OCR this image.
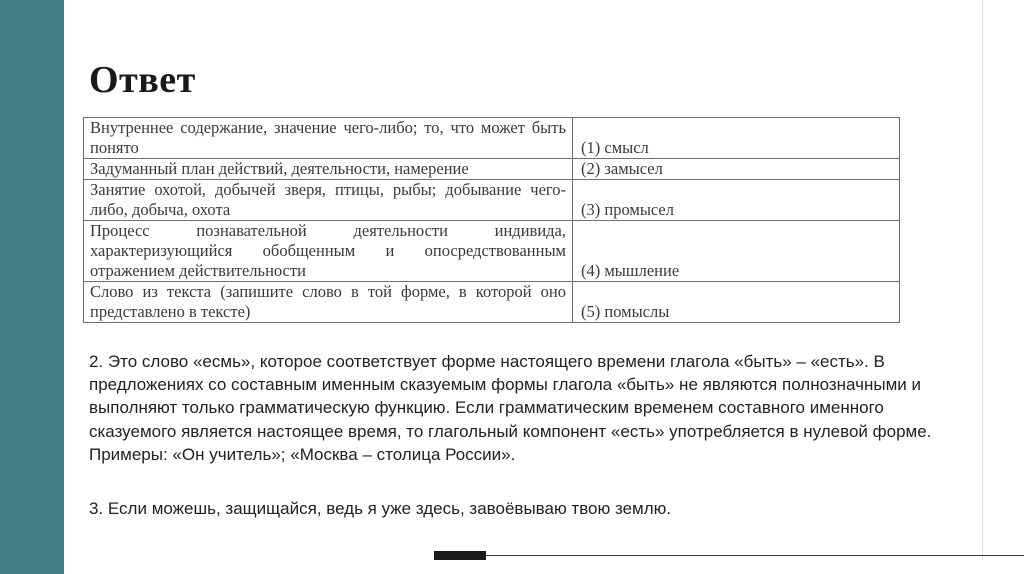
Ответ
Внутреннее содержание, значение чего-либо; то, что может быть понято	(1) смысл
Задуманный план действий, деятельности, намерение	(2) замысел
Занятие охотой, добычей зверя, птицы, рыбы; добывание чего-либо, добыча, охота	(3) промысел
Процесс познавательной деятельности индивида, характеризующийся обобщенным и опосредствованным отражением действительности	(4) мышление
Слово из текста (запишите слово в той форме, в которой оно представлено в тексте)	(5) помыслы
2. Это слово «есмь», которое соответствует форме настоящего времени глагола «быть» – «есть». В предложениях со составным именным сказуемым формы глагола «быть» не являются полнозначными и выполняют только грамматическую функцию. Если грамматическим временем составного именного сказуемого является настоящее время, то глагольный компонент «есть» употребляется в нулевой форме. Примеры: «Он учитель»; «Москва – столица России».
3. Если можешь, защищайся, ведь я уже здесь, завоёвываю твою землю.
